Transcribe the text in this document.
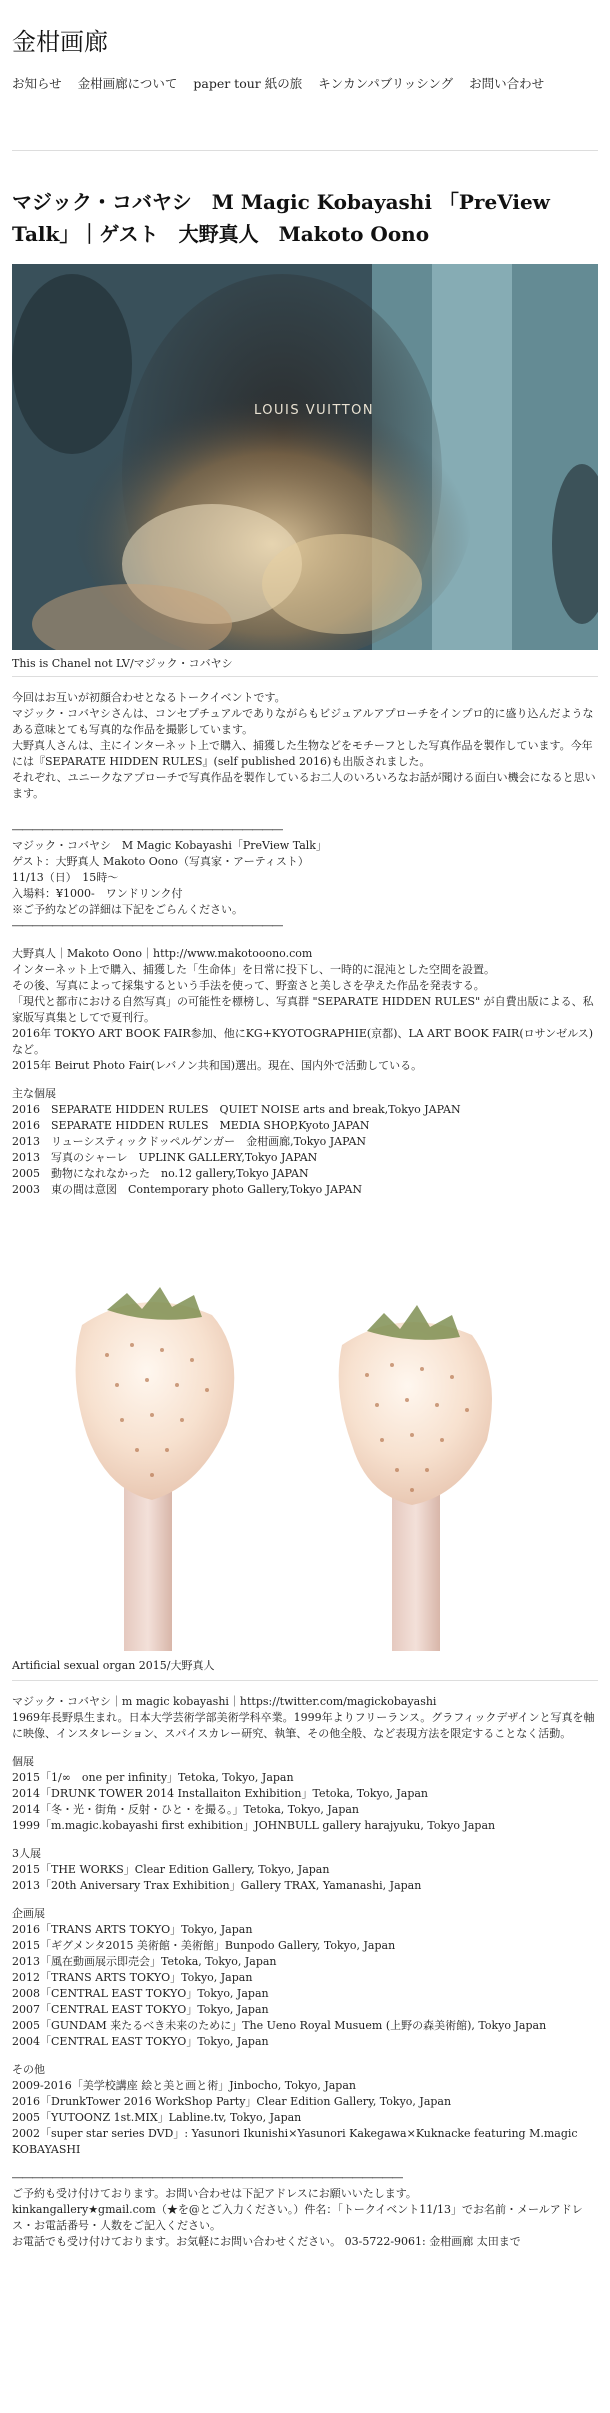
金柑画廊
お知らせ 金柑画廊について paper tour 紙の旅 キンカンパブリッシング お問い合わせ
マジック・コバヤシ　M Magic Kobayashi 「PreView Talk」｜ゲスト　大野真人　Makoto Oono
LOUIS VUITTON
This is Chanel not LV/マジック・コバヤシ
今回はお互いが初顔合わせとなるトークイベントです。
マジック・コバヤシさんは、コンセプチュアルでありながらもビジュアルアプローチをインプロ的に盛り込んだようなある意味とても写真的な作品を撮影しています。
大野真人さんは、主にインターネット上で購入、捕獲した生物などをモチーフとした写真作品を製作しています。今年には『SEPARATE HIDDEN RULES』(self published 2016)も出版されました。
それぞれ、ユニークなアプローチで写真作品を製作しているお二人のいろいろなお話が聞ける面白い機会になると思います。
―――――――――――――――――――――――――――
マジック・コバヤシ　M Magic Kobayashi「PreView Talk」
ゲスト：大野真人 Makoto Oono（写真家・アーティスト）
11/13（日）　15時～
入場料：¥1000-　ワンドリンク付
※ご予約などの詳細は下記をごらんください。
―――――――――――――――――――――――――――
大野真人｜Makoto Oono｜http://www.makotooono.com
インターネット上で購入、捕獲した「生命体」を日常に投下し、一時的に混沌とした空間を設置。
その後、写真によって採集するという手法を使って、野蛮さと美しさを孕えた作品を発表する。
「現代と都市における自然写真」の可能性を標榜し、写真群 "SEPARATE HIDDEN RULES" が自費出版による、私家版写真集としてで夏刊行。
2016年 TOKYO ART BOOK FAIR参加、他にKG+KYOTOGRAPHIE(京都)、LA ART BOOK FAIR(ロサンゼルス)など。
2015年 Beirut Photo Fair(レバノン共和国)選出。現在、国内外で活動している。
主な個展
2016　SEPARATE HIDDEN RULES　QUIET NOISE arts and break,Tokyo JAPAN
2016　SEPARATE HIDDEN RULES　MEDIA SHOP,Kyoto JAPAN
2013　リューシスティックドッペルゲンガー　金柑画廊,Tokyo JAPAN
2013　写真のシャーレ　UPLINK GALLERY,Tokyo JAPAN
2005　動物になれなかった　no.12 gallery,Tokyo JAPAN
2003　東の間は意図　Contemporary photo Gallery,Tokyo JAPAN
Artificial sexual organ 2015/大野真人
マジック・コバヤシ｜m magic kobayashi｜https://twitter.com/magickobayashi
1969年長野県生まれ。日本大学芸術学部美術学科卒業。1999年よりフリーランス。グラフィックデザインと写真を軸に映像、インスタレーション、スパイスカレー研究、執筆、その他全般、など表現方法を限定することなく活動。
個展
2015「1/∞　one per infinity」Tetoka, Tokyo, Japan
2014「DRUNK TOWER 2014 Installaiton Exhibition」Tetoka, Tokyo, Japan
2014「冬・光・街角・反射・ひと・を撮る。」Tetoka, Tokyo, Japan
1999「m.magic.kobayashi first exhibition」JOHNBULL gallery harajyuku, Tokyo Japan
3人展
2015「THE WORKS」Clear Edition Gallery, Tokyo, Japan
2013「20th Aniversary Trax Exhibition」Gallery TRAX, Yamanashi, Japan
企画展
2016「TRANS ARTS TOKYO」Tokyo, Japan
2015「ギグメンタ2015 美術館・美術館」Bunpodo Gallery, Tokyo, Japan
2013「風在動画展示即売会」Tetoka, Tokyo, Japan
2012「TRANS ARTS TOKYO」Tokyo, Japan
2008「CENTRAL EAST TOKYO」Tokyo, Japan
2007「CENTRAL EAST TOKYO」Tokyo, Japan
2005「GUNDAM 来たるべき未来のために」The Ueno Royal Musuem (上野の森美術館), Tokyo Japan
2004「CENTRAL EAST TOKYO」Tokyo, Japan
その他
2009-2016「美学校講座 絵と美と画と術」Jinbocho, Tokyo, Japan
2016「DrunkTower 2016 WorkShop Party」Clear Edition Gallery, Tokyo, Japan
2005「YUTOONZ 1st.MIX」Labline.tv, Tokyo, Japan
2002「super star series DVD」: Yasunori Ikunishi×Yasunori Kakegawa×Kuknacke featuring M.magic KOBAYASHI
―――――――――――――――――――――――――――――――――――――――
ご予約も受け付けております。お問い合わせは下記アドレスにお願いいたします。
kinkangallery★gmail.com（★を@とご入力ください。）件名：「トークイベント11/13」でお名前・メールアドレス・お電話番号・人数をご記入ください。
お電話でも受け付けております。お気軽にお問い合わせください。 03-5722-9061: 金柑画廊 太田まで
